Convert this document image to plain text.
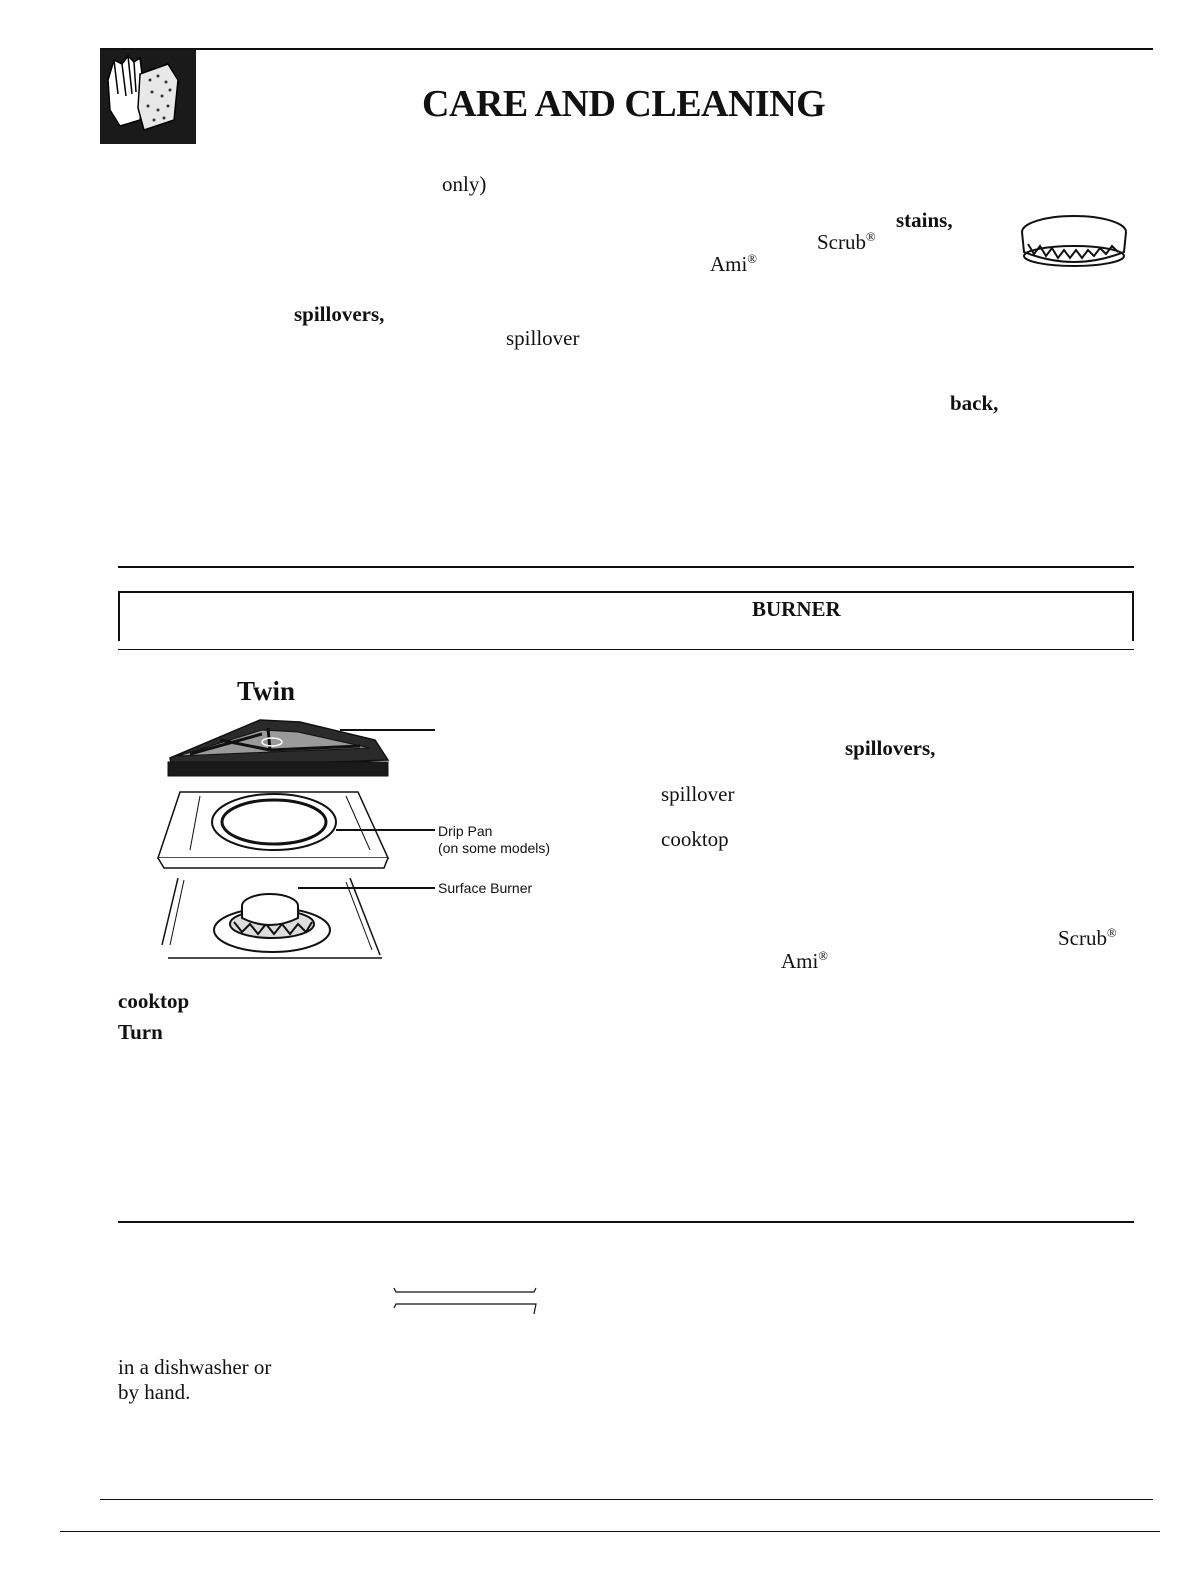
CARE AND CLEANING
only)
stains,
Scrub®
Ami®
spillovers,
spillover
back,
BURNER
Twin
Drip Pan
(on some models)
Surface Burner
spillovers,
spillover
cooktop
Scrub®
Ami®
cooktop
Turn
in a dishwasher or
by hand.
